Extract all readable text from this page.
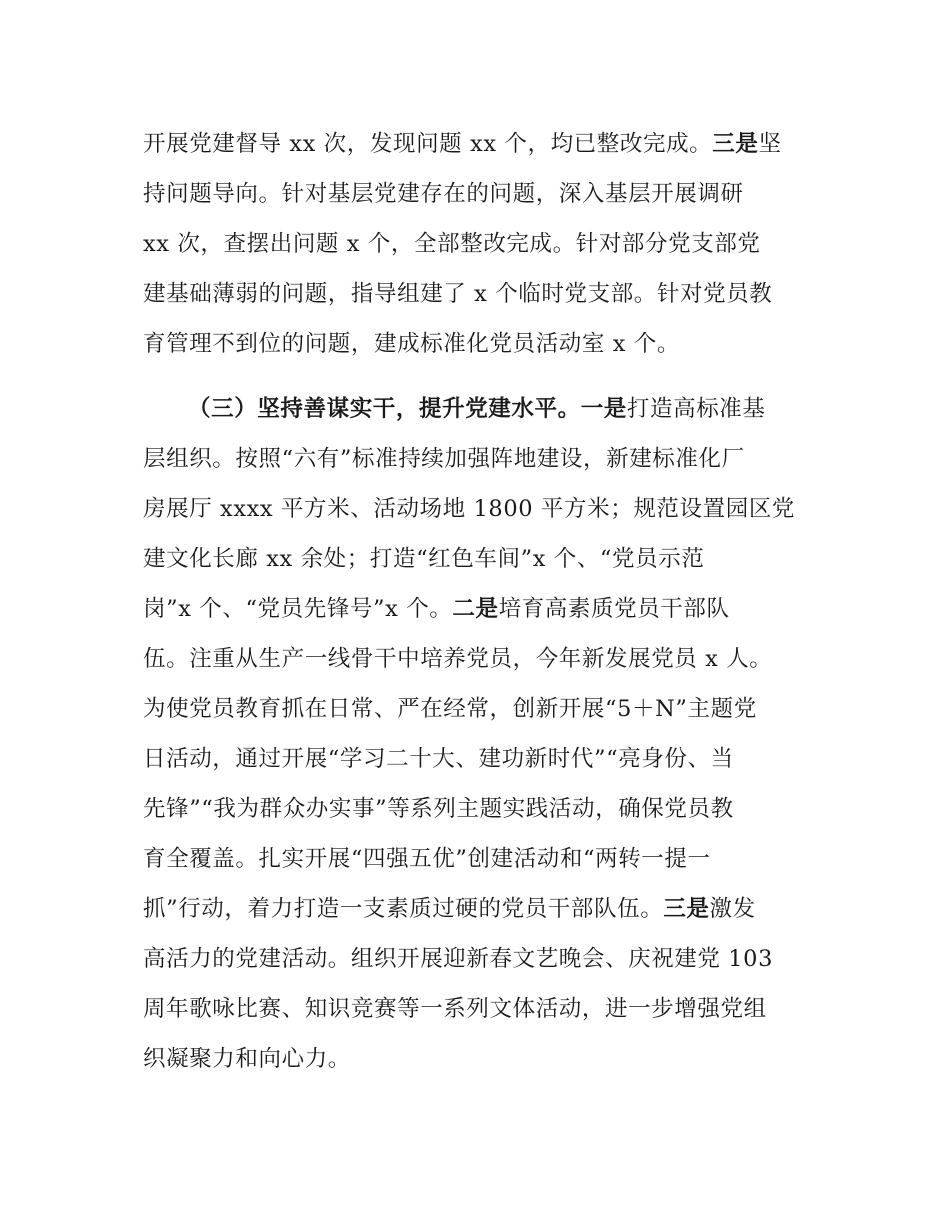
开展党建督导 xx 次，发现问题 xx 个，均已整改完成。三是坚
持问题导向。针对基层党建存在的问题，深入基层开展调研
xx 次，查摆出问题 x 个，全部整改完成。针对部分党支部党
建基础薄弱的问题，指导组建了 x 个临时党支部。针对党员教
育管理不到位的问题，建成标准化党员活动室 x 个。
（三）坚持善谋实干，提升党建水平。一是打造高标准基
层组织。按照“六有”标准持续加强阵地建设，新建标准化厂
房展厅 xxxx 平方米、活动场地 1800 平方米；规范设置园区党
建文化长廊 xx 余处；打造“红色车间”x 个、“党员示范
岗”x 个、“党员先锋号”x 个。二是培育高素质党员干部队
伍。注重从生产一线骨干中培养党员，今年新发展党员 x 人。
为使党员教育抓在日常、严在经常，创新开展“5＋N”主题党
日活动，通过开展“学习二十大、建功新时代”“亮身份、当
先锋”“我为群众办实事”等系列主题实践活动，确保党员教
育全覆盖。扎实开展“四强五优”创建活动和“两转一提一
抓”行动，着力打造一支素质过硬的党员干部队伍。三是激发
高活力的党建活动。组织开展迎新春文艺晚会、庆祝建党 103
周年歌咏比赛、知识竞赛等一系列文体活动，进一步增强党组
织凝聚力和向心力。
